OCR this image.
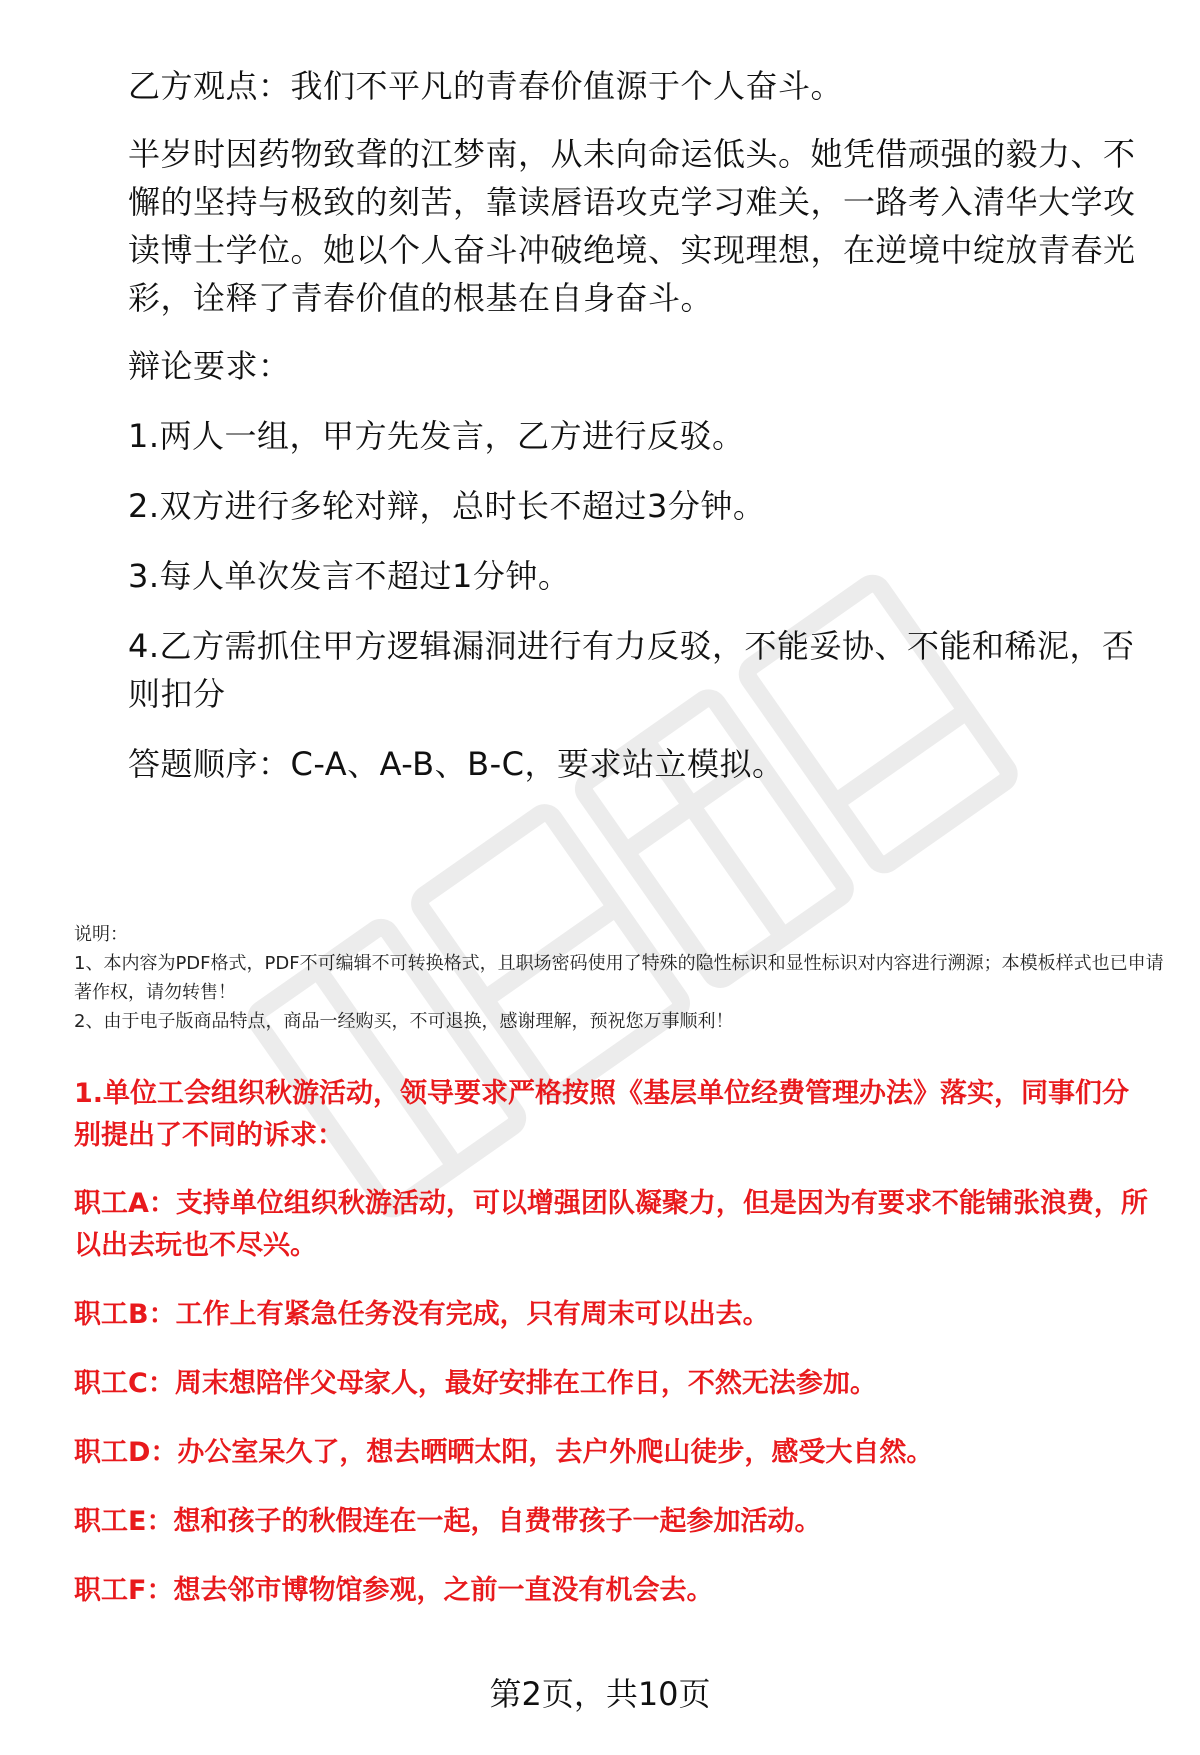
乙方观点：我们不平凡的青春价值源于个人奋斗。

半岁时因药物致聋的江梦南，从未向命运低头。她凭借顽强的毅力、不懈的坚持与极致的刻苦，靠读唇语攻克学习难关，一路考入清华大学攻读博士学位。她以个人奋斗冲破绝境、实现理想，在逆境中绽放青春光彩，诠释了青春价值的根基在自身奋斗。

辩论要求：

1.两人一组，甲方先发言，乙方进行反驳。

2.双方进行多轮对辩，总时长不超过3分钟。

3.每人单次发言不超过1分钟。

4.乙方需抓住甲方逻辑漏洞进行有力反驳，不能妥协、不能和稀泥，否则扣分

答题顺序：C-A、A-B、B-C，要求站立模拟。

说明：

1、本内容为PDF格式，PDF不可编辑不可转换格式，且职场密码使用了特殊的隐性标识和显性标识对内容进行溯源；本模板样式也已申请著作权，请勿转售！

2、由于电子版商品特点，商品一经购买，不可退换，感谢理解，预祝您万事顺利！

1.单位工会组织秋游活动，领导要求严格按照《基层单位经费管理办法》落实，同事们分别提出了不同的诉求：

职工A：支持单位组织秋游活动，可以增强团队凝聚力，但是因为有要求不能铺张浪费，所以出去玩也不尽兴。

职工B：工作上有紧急任务没有完成，只有周末可以出去。

职工C：周末想陪伴父母家人，最好安排在工作日，不然无法参加。

职工D：办公室呆久了，想去晒晒太阳，去户外爬山徒步，感受大自然。

职工E：想和孩子的秋假连在一起，自费带孩子一起参加活动。

职工F：想去邻市博物馆参观，之前一直没有机会去。

第2页，共10页
